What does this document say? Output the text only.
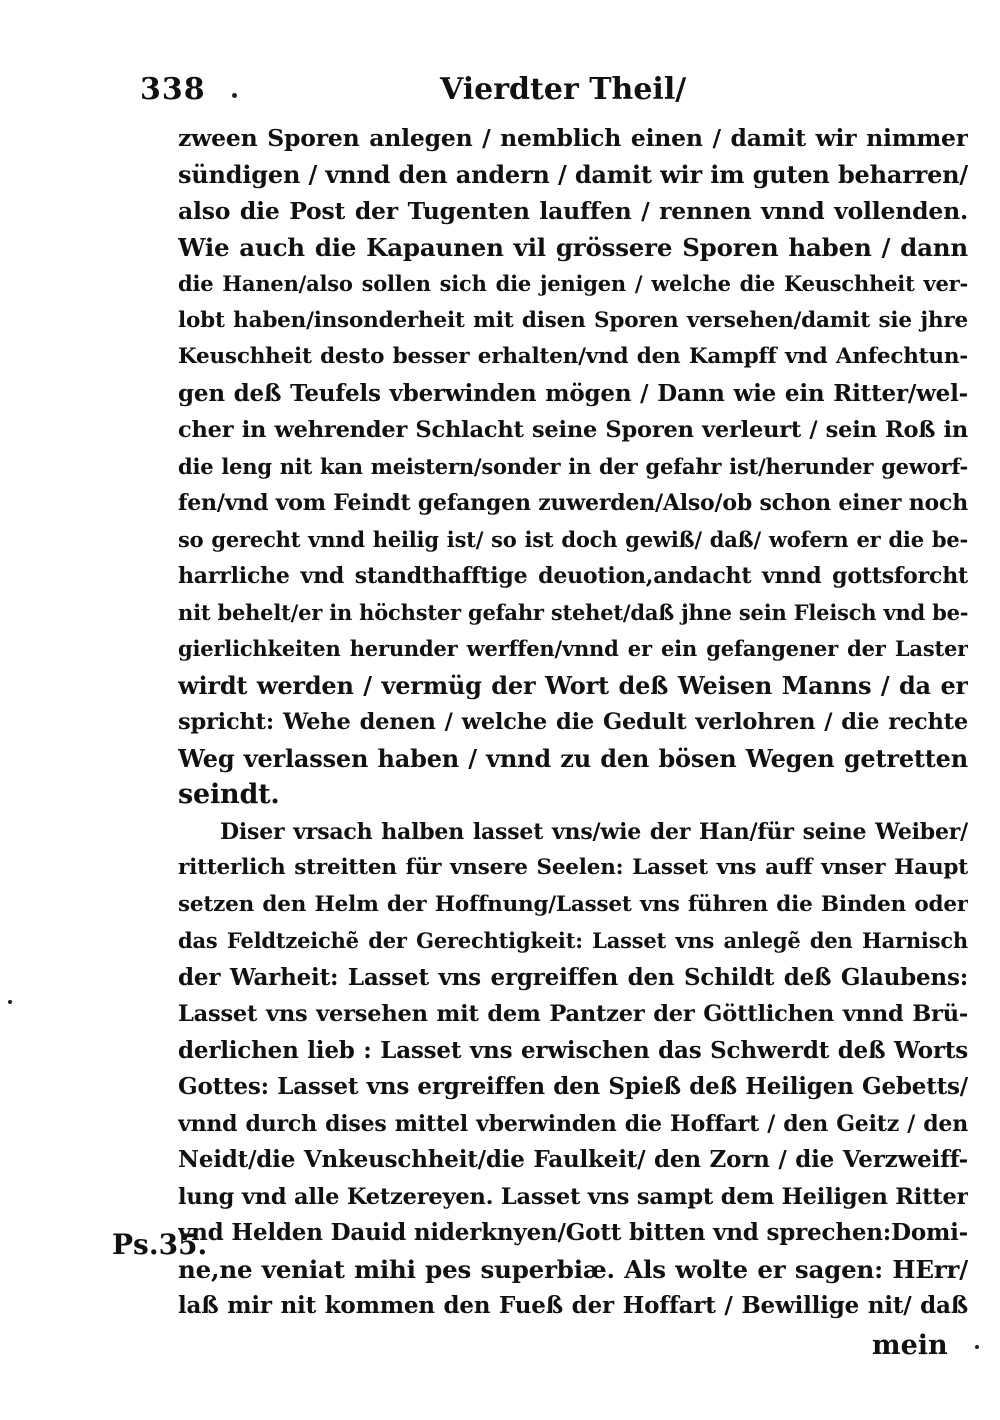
338	Vierdter Theil/
zween Sporen anlegen / nemblich einen / damit wir nimmer
sündigen / vnnd den andern / damit wir im guten beharren/
also die Post der Tugenten lauffen / rennen vnnd vollenden.
Wie auch die Kapaunen vil grössere Sporen haben / dann
die Hanen/also sollen sich die jenigen / welche die Keuschheit ver-
lobt haben/insonderheit mit disen Sporen versehen/damit sie jhre
Keuschheit desto besser erhalten/vnd den Kampff vnd Anfechtun-
gen deß Teufels vberwinden mögen / Dann wie ein Ritter/wel-
cher in wehrender Schlacht seine Sporen verleurt / sein Roß in
die leng nit kan meistern/sonder in der gefahr ist/herunder geworf-
fen/vnd vom Feindt gefangen zuwerden/Also/ob schon einer noch
so gerecht vnnd heilig ist/ so ist doch gewiß/ daß/ wofern er die be-
harrliche vnd standthafftige deuotion,andacht vnnd gottsforcht
nit behelt/er in höchster gefahr stehet/daß jhne sein Fleisch vnd be-
gierlichkeiten herunder werffen/vnnd er ein gefangener der Laster
wirdt werden / vermüg der Wort deß Weisen Manns / da er
spricht: Wehe denen / welche die Gedult verlohren / die rechte
Weg verlassen haben / vnnd zu den bösen Wegen getretten
seindt.
Diser vrsach halben lasset vns/wie der Han/für seine Weiber/
ritterlich streitten für vnsere Seelen: Lasset vns auff vnser Haupt
setzen den Helm der Hoffnung/Lasset vns führen die Binden oder
das Feldtzeichẽ der Gerechtigkeit: Lasset vns anlegẽ den Harnisch
der Warheit: Lasset vns ergreiffen den Schildt deß Glaubens:
Lasset vns versehen mit dem Pantzer der Göttlichen vnnd Brü-
derlichen lieb : Lasset vns erwischen das Schwerdt deß Worts
Gottes: Lasset vns ergreiffen den Spieß deß Heiligen Gebetts/
vnnd durch dises mittel vberwinden die Hoffart / den Geitz / den
Neidt/die Vnkeuschheit/die Faulkeit/ den Zorn / die Verzweiff-
lung vnd alle Ketzereyen. Lasset vns sampt dem Heiligen Ritter
vnd Helden Dauid niderknyen/Gott bitten vnd sprechen:Domi-
ne,ne veniat mihi pes superbiæ. Als wolte er sagen: HErr/
laß mir nit kommen den Fueß der Hoffart / Bewillige nit/ daß
Ps.35.
mein
